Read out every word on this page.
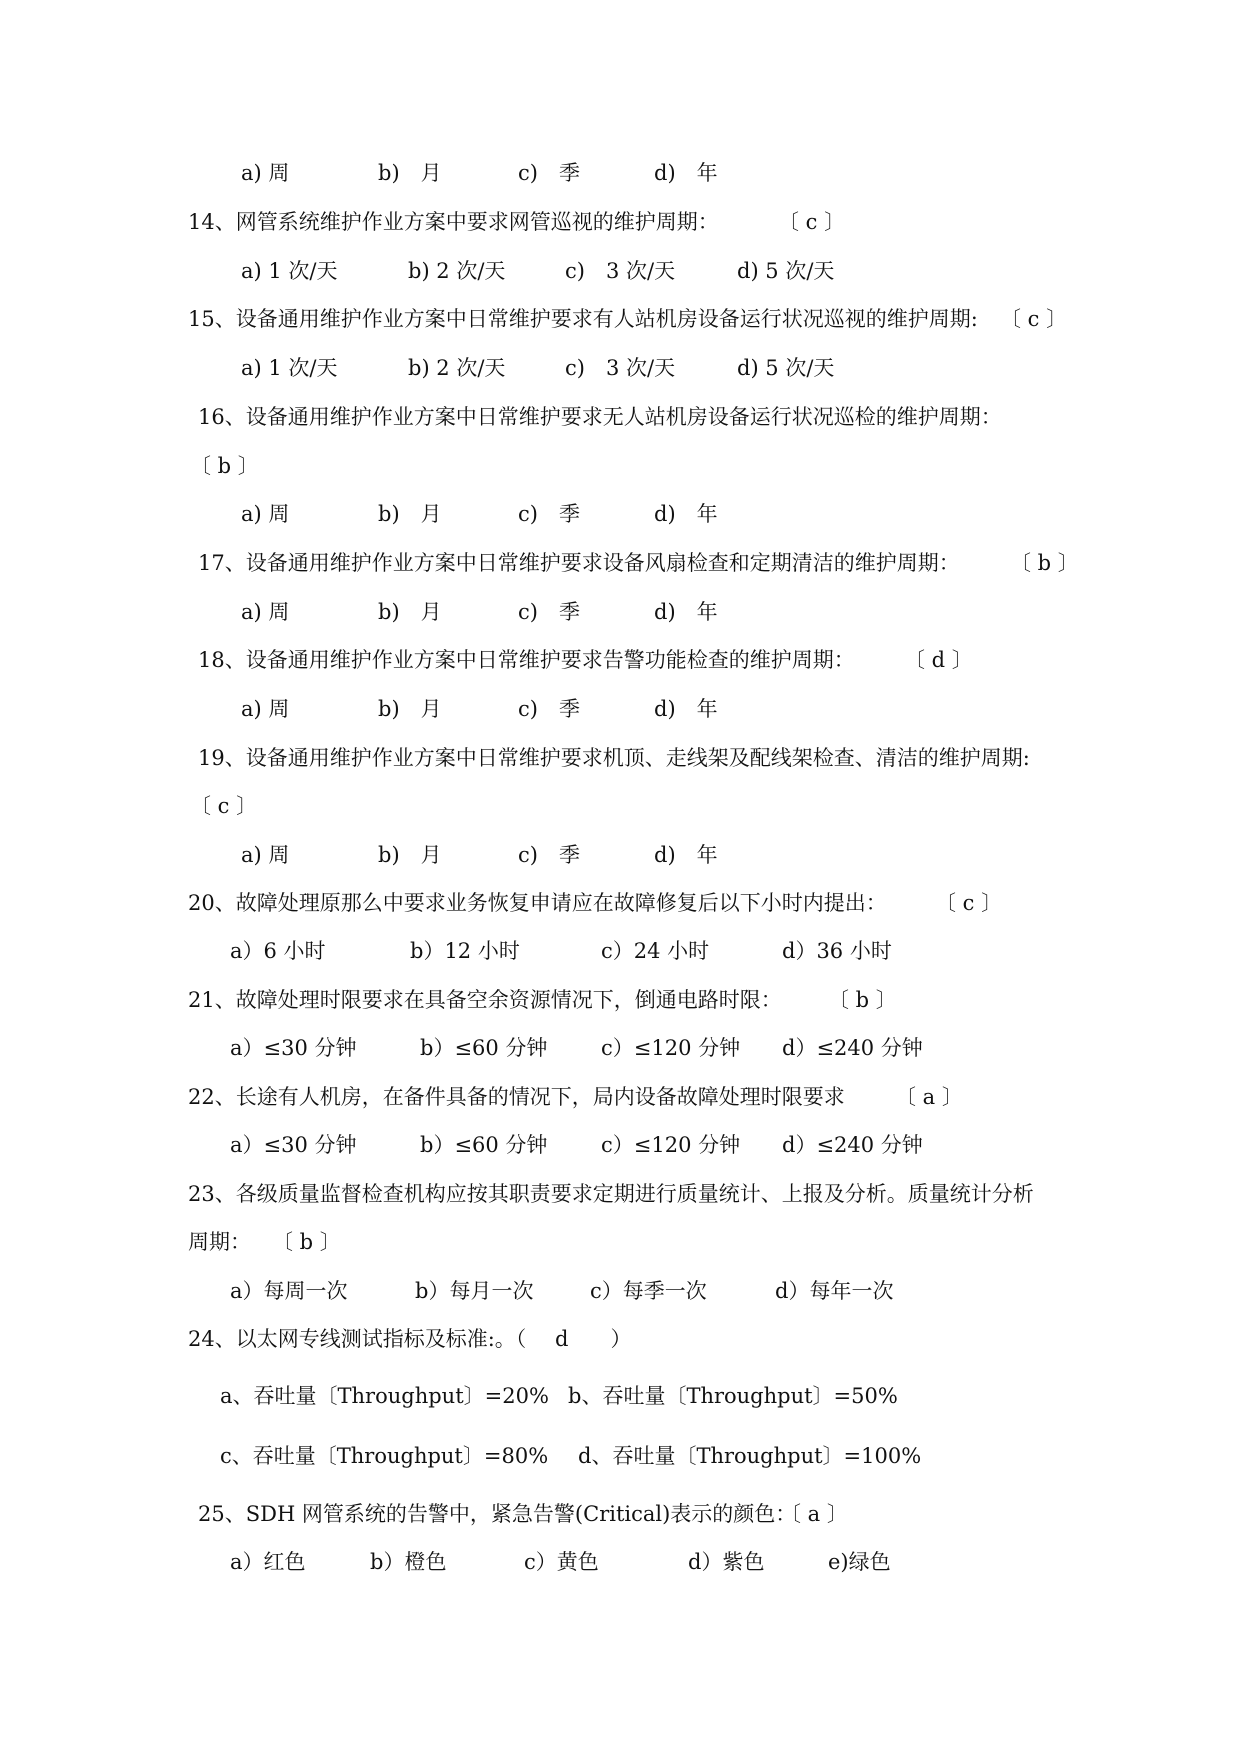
a) 周	b)　月	c)　季	d)　年
14、网管系统维护作业方案中要求网管巡视的维护周期：	〔 c 〕
a) 1 次/天	b) 2 次/天	c)　3 次/天	d) 5 次/天
15、设备通用维护作业方案中日常维护要求有人站机房设备运行状况巡视的维护周期: 〔 c 〕
a) 1 次/天	b) 2 次/天	c)　3 次/天	d) 5 次/天
16、设备通用维护作业方案中日常维护要求无人站机房设备运行状况巡检的维护周期：
〔 b 〕
a) 周	b)　月	c)　季	d)　年
17、设备通用维护作业方案中日常维护要求设备风扇检查和定期清洁的维护周期： 〔 b 〕
a) 周	b)　月	c)　季	d)　年
18、设备通用维护作业方案中日常维护要求告警功能检查的维护周期： 〔 d 〕
a) 周	b)　月	c)　季	d)　年
19、设备通用维护作业方案中日常维护要求机顶、走线架及配线架检查、清洁的维护周期:
〔 c 〕
a) 周	b)　月	c)　季	d)　年
20、故障处理原那么中要求业务恢复申请应在故障修复后以下小时内提出： 〔 c 〕
a）6 小时	b）12 小时	c）24 小时	d）36 小时
21、故障处理时限要求在具备空余资源情况下，倒通电路时限： 〔 b 〕
a）≤30 分钟	b）≤60 分钟	c）≤120 分钟 d）≤240 分钟
22、长途有人机房，在备件具备的情况下，局内设备故障处理时限要求 〔 a 〕
a）≤30 分钟	b）≤60 分钟	c）≤120 分钟 d）≤240 分钟
23、各级质量监督检查机构应按其职责要求定期进行质量统计、上报及分析。质量统计分析
周期： 〔 b 〕
a）每周一次	b）每月一次	c）每季一次	d）每年一次
24、以太网专线测试指标及标准:。（ d　　）
a、吞吐量〔Throughput〕=20% b、吞吐量〔Throughput〕=50%
c、吞吐量〔Throughput〕=80% d、吞吐量〔Throughput〕=100%
25、SDH 网管系统的告警中，紧急告警(Critical)表示的颜色：
〔 a 〕
a）红色	b）橙色	c）黄色	d）紫色	e)绿色
